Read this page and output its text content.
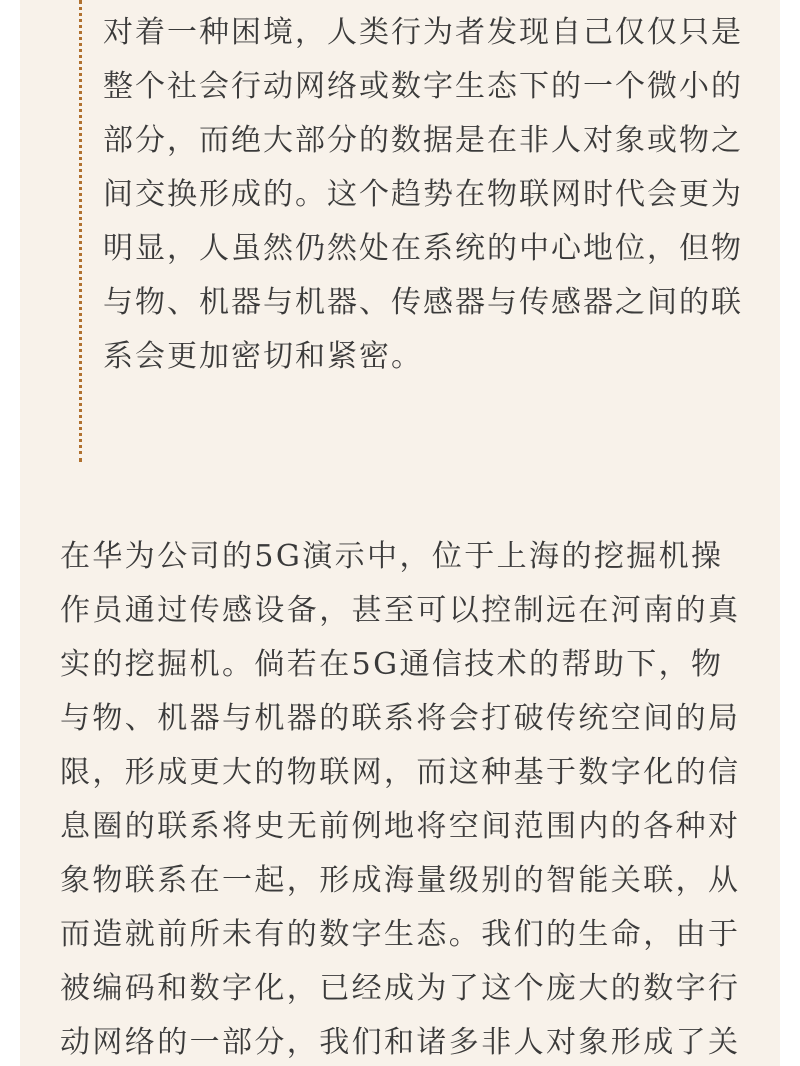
对着一种困境，人类行为者发现自己仅仅只是整个社会行动网络或数字生态下的一个微小的部分，而绝大部分的数据是在非人对象或物之间交换形成的。这个趋势在物联网时代会更为明显，人虽然仍然处在系统的中心地位，但物与物、机器与机器、传感器与传感器之间的联系会更加密切和紧密。

在华为公司的5G演示中，位于上海的挖掘机操作员通过传感设备，甚至可以控制远在河南的真实的挖掘机。倘若在5G通信技术的帮助下，物与物、机器与机器的联系将会打破传统空间的局限，形成更大的物联网，而这种基于数字化的信息圈的联系将史无前例地将空间范围内的各种对象物联系在一起，形成海量级别的智能关联，从而造就前所未有的数字生态。我们的生命，由于被编码和数字化，已经成为了这个庞大的数字行动网络的一部分，我们和诸多非人对象形成了关
